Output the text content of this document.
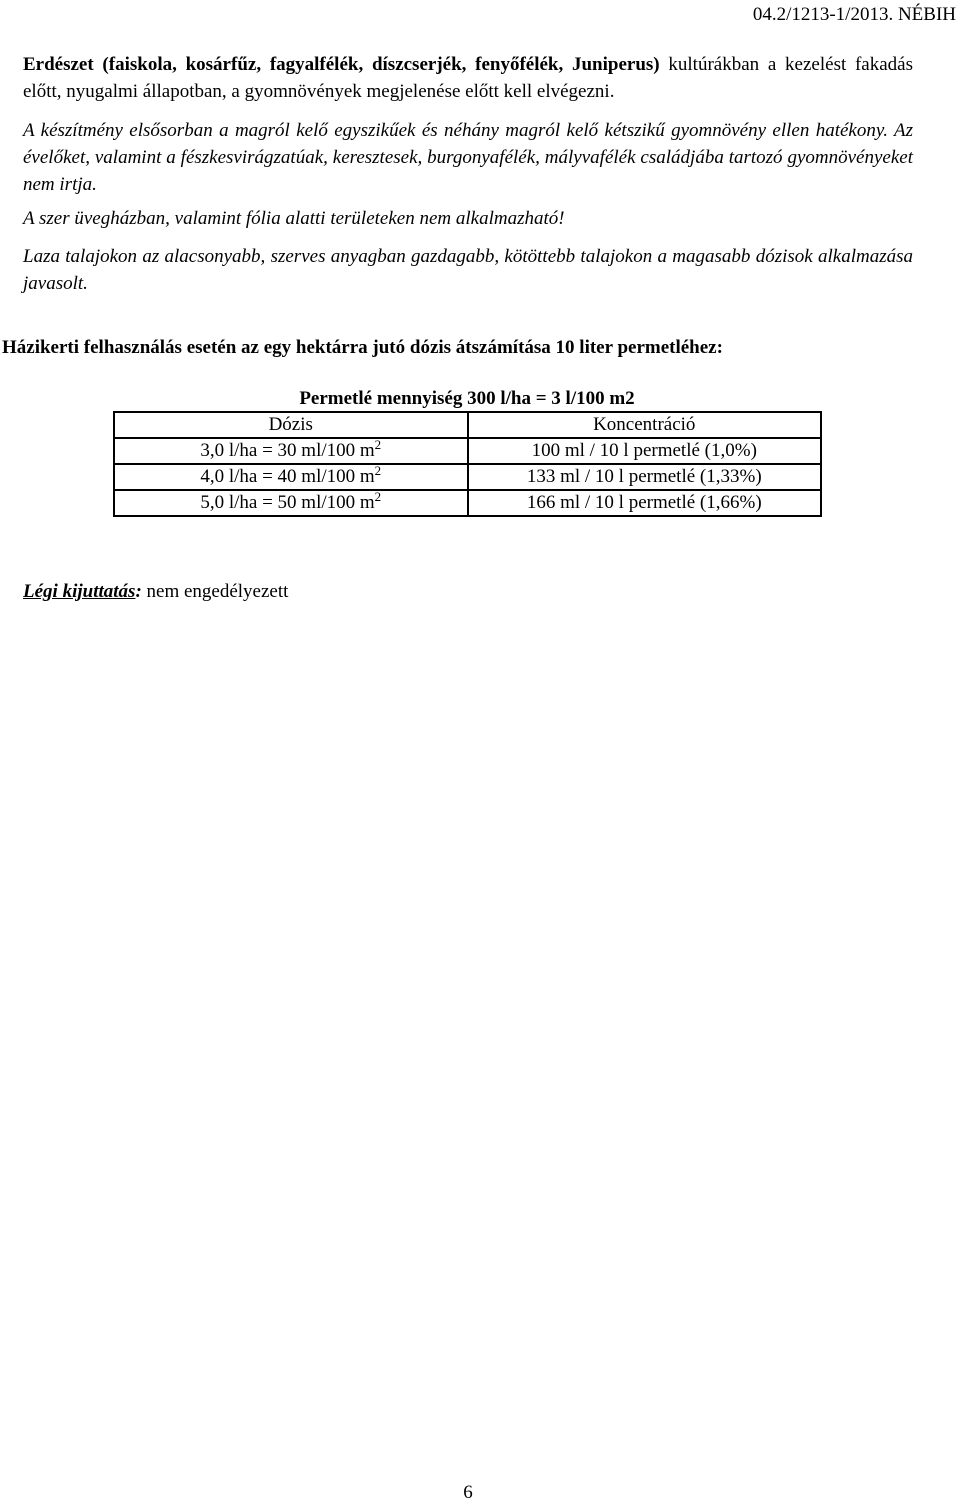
04.2/1213-1/2013. NÉBIH

Erdészet (faiskola, kosárfűz, fagyalfélék, díszcserjék, fenyőfélék, Juniperus) kultúrákban a kezelést fakadás előtt, nyugalmi állapotban, a gyomnövények megjelenése előtt kell elvégezni.

A készítmény elsősorban a magról kelő egyszikűek és néhány magról kelő kétszikű gyomnövény ellen hatékony. Az évelőket, valamint a fészkesvirágzatúak, keresztesek, burgonyafélék, mályvafélék családjába tartozó gyomnövényeket nem irtja.

A szer üvegházban, valamint fólia alatti területeken nem alkalmazható!

Laza talajokon az alacsonyabb, szerves anyagban gazdagabb, kötöttebb talajokon a magasabb dózisok alkalmazása javasolt.

Házikerti felhasználás esetén az egy hektárra jutó dózis átszámítása 10 liter permetléhez:
Permetlé mennyiség 300 l/ha = 3 l/100 m2
Dózis	Koncentráció
3,0 l/ha = 30 ml/100 $m^2$	100 ml / 10 l permetlé (1,0%)
4,0 l/ha = 40 ml/100 $m^2$	133 ml / 10 l permetlé (1,33%)
5,0 l/ha = 50 ml/100 $m^2$	166 ml / 10 l permetlé (1,66%)
Légi kijuttatás: nem engedélyezett
6
